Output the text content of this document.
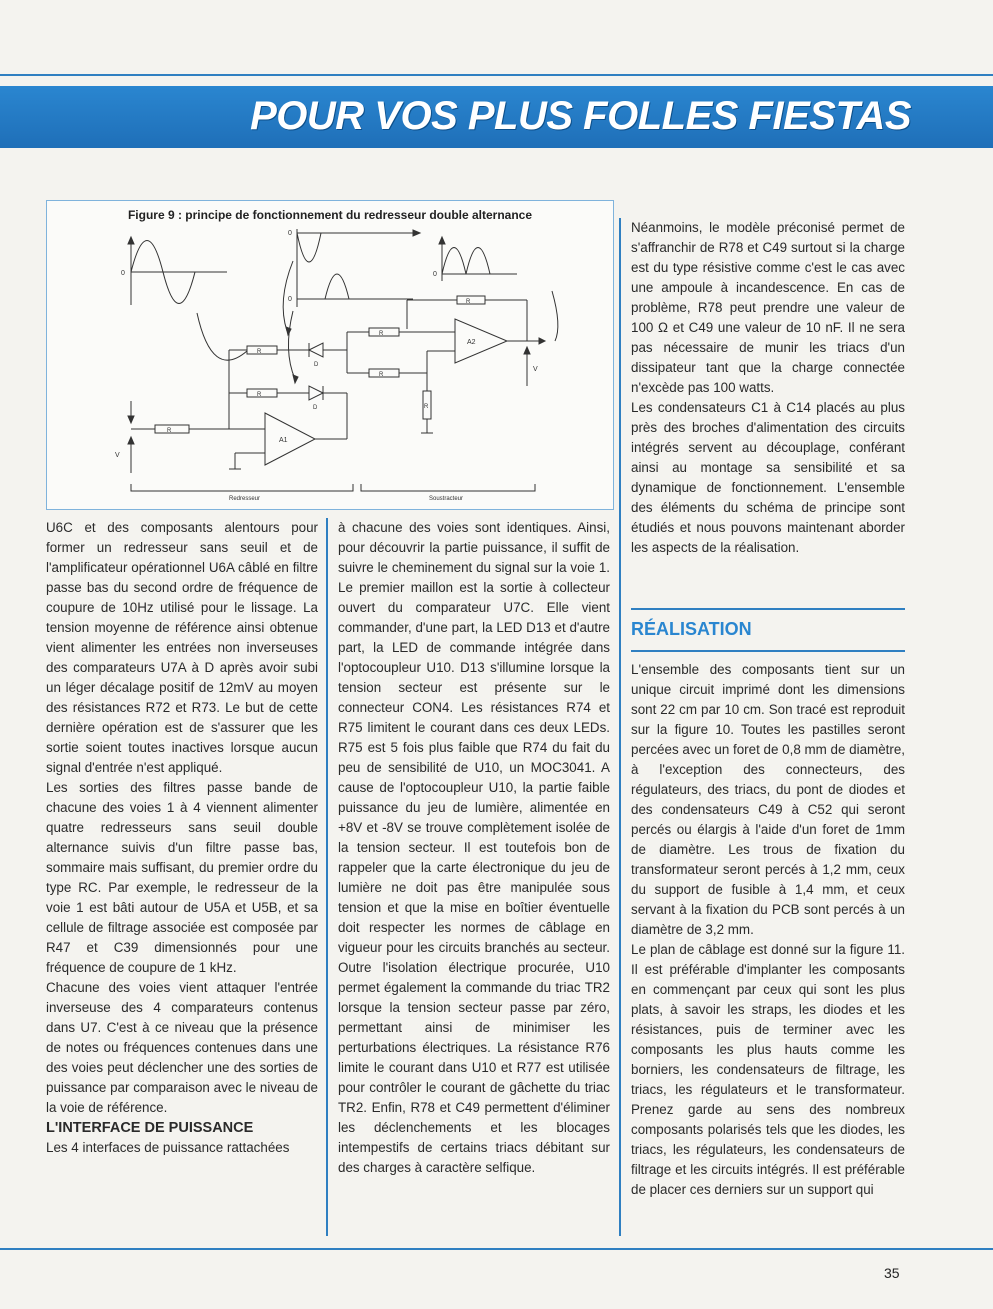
POUR VOS PLUS FOLLES FIESTAS
Figure 9 : principe de fonctionnement du redresseur double alternance
0
0
0
0
R
A2
V
R
R
R
R
D
R
D
A1
R
V
Redresseur	Soustracteur

U6C et des composants alentours pour former un redresseur sans seuil et de l'amplificateur opérationnel U6A câblé en filtre passe bas du second ordre de fréquence de coupure de 10Hz utilisé pour le lissage. La tension moyenne de référence ainsi obtenue vient alimenter les entrées non inverseuses des comparateurs U7A à D après avoir subi un léger décalage positif de 12mV au moyen des résistances R72 et R73. Le but de cette dernière opération est de s'assurer que les sortie soient toutes inactives lorsque aucun signal d'entrée n'est appliqué.

Les sorties des filtres passe bande de chacune des voies 1 à 4 viennent alimenter quatre redresseurs sans seuil double alternance suivis d'un filtre passe bas, sommaire mais suffisant, du premier ordre du type RC. Par exemple, le redresseur de la voie 1 est bâti autour de U5A et U5B, et sa cellule de filtrage associée est composée par R47 et C39 dimensionnés pour une fréquence de coupure de 1 kHz.

Chacune des voies vient attaquer l'entrée inverseuse des 4 comparateurs contenus dans U7. C'est à ce niveau que la présence de notes ou fréquences contenues dans une des voies peut déclencher une des sorties de puissance par comparaison avec le niveau de la voie de référence.

L'INTERFACE DE PUISSANCE

Les 4 interfaces de puissance rattachées

à chacune des voies sont identiques. Ainsi, pour découvrir la partie puissance, il suffit de suivre le cheminement du signal sur la voie 1. Le premier maillon est la sortie à collecteur ouvert du comparateur U7C. Elle vient commander, d'une part, la LED D13 et d'autre part, la LED de commande intégrée dans l'optocoupleur U10. D13 s'illumine lorsque la tension secteur est présente sur le connecteur CON4. Les résistances R74 et R75 limitent le courant dans ces deux LEDs. R75 est 5 fois plus faible que R74 du fait du peu de sensibilité de U10, un MOC3041. A cause de l'optocoupleur U10, la partie faible puissance du jeu de lumière, alimentée en +8V et -8V se trouve complètement isolée de la tension secteur. Il est toutefois bon de rappeler que la carte électronique du jeu de lumière ne doit pas être manipulée sous tension et que la mise en boîtier éventuelle doit respecter les normes de câblage en vigueur pour les circuits branchés au secteur. Outre l'isolation électrique procurée, U10 permet également la commande du triac TR2 lorsque la tension secteur passe par zéro, permettant ainsi de minimiser les perturbations électriques. La résistance R76 limite le courant dans U10 et R77 est utilisée pour contrôler le courant de gâchette du triac TR2. Enfin, R78 et C49 permettent d'éliminer les déclenchements et les blocages intempestifs de certains triacs débitant sur des charges à caractère selfique.

Néanmoins, le modèle préconisé permet de s'affranchir de R78 et C49 surtout si la charge est du type résistive comme c'est le cas avec une ampoule à incandescence. En cas de problème, R78 peut prendre une valeur de 100 Ω et C49 une valeur de 10 nF. Il ne sera pas nécessaire de munir les triacs d'un dissipateur tant que la charge connectée n'excède pas 100 watts.

Les condensateurs C1 à C14 placés au plus près des broches d'alimentation des circuits intégrés servent au découplage, conférant ainsi au montage sa sensibilité et sa dynamique de fonctionnement. L'ensemble des éléments du schéma de principe sont étudiés et nous pouvons maintenant aborder les aspects de la réalisation.

RÉALISATION

L'ensemble des composants tient sur un unique circuit imprimé dont les dimensions sont 22 cm par 10 cm. Son tracé est reproduit sur la figure 10. Toutes les pastilles seront percées avec un foret de 0,8 mm de diamètre, à l'exception des connecteurs, des régulateurs, des triacs, du pont de diodes et des condensateurs C49 à C52 qui seront percés ou élargis à l'aide d'un foret de 1mm de diamètre. Les trous de fixation du transformateur seront percés à 1,2 mm, ceux du support de fusible à 1,4 mm, et ceux servant à la fixation du PCB sont percés à un diamètre de 3,2 mm.

Le plan de câblage est donné sur la figure 11. Il est préférable d'implanter les composants en commençant par ceux qui sont les plus plats, à savoir les straps, les diodes et les résistances, puis de terminer avec les composants les plus hauts comme les borniers, les condensateurs de filtrage, les triacs, les régulateurs et le transformateur. Prenez garde au sens des nombreux composants polarisés tels que les diodes, les triacs, les régulateurs, les condensateurs de filtrage et les circuits intégrés. Il est préférable de placer ces derniers sur un support qui

35
